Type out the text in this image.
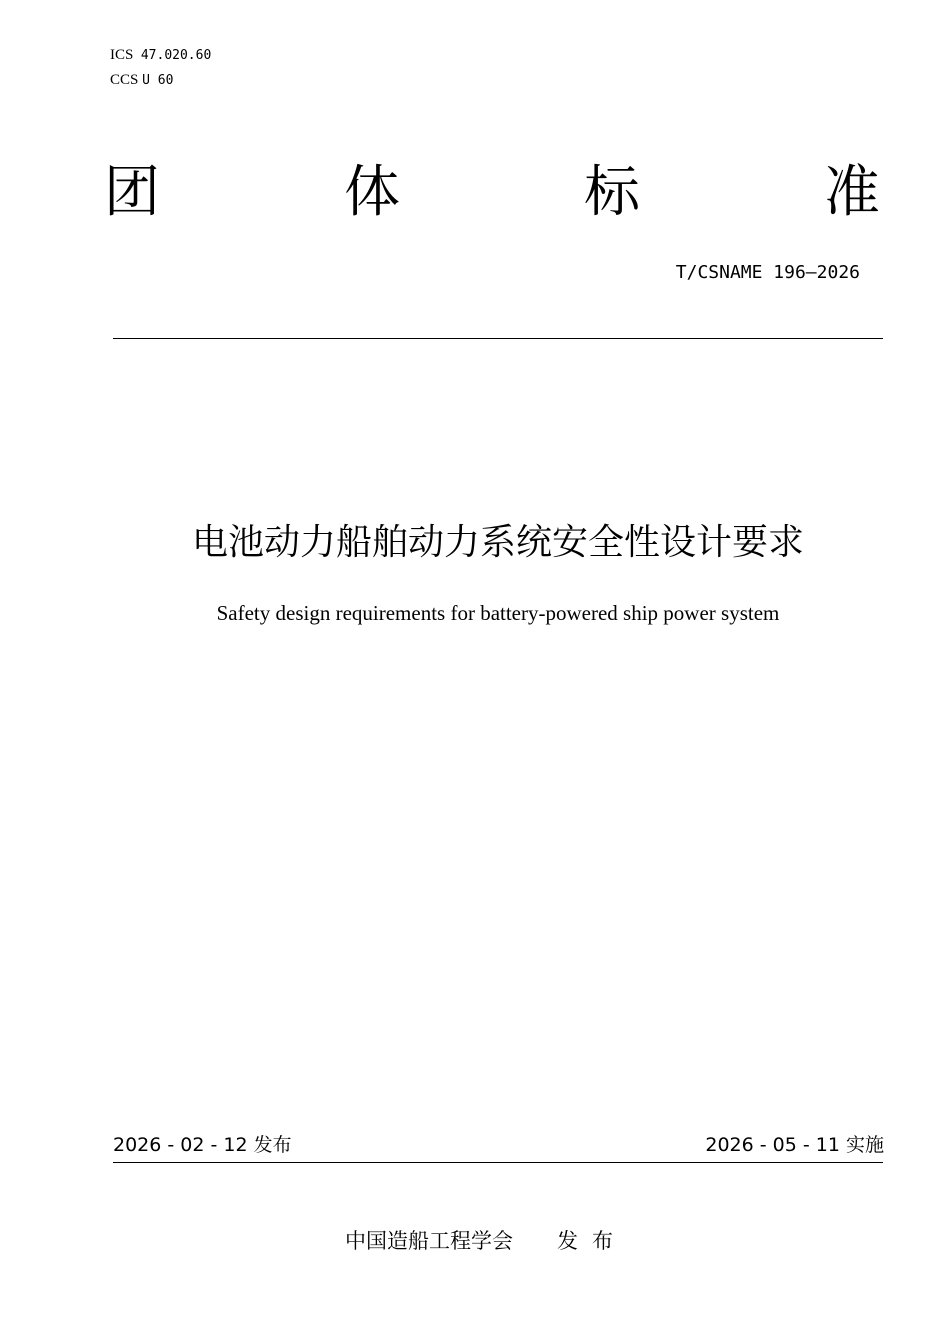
ICS 47.020.60
CCS U 60
团	体	标	准
T/CSNAME 196—2026
电池动力船舶动力系统安全性设计要求
Safety design requirements for battery-powered ship power system
2026 - 02 - 12 发布	2026 - 05 - 11 实施
中国造船工程学会 发布
